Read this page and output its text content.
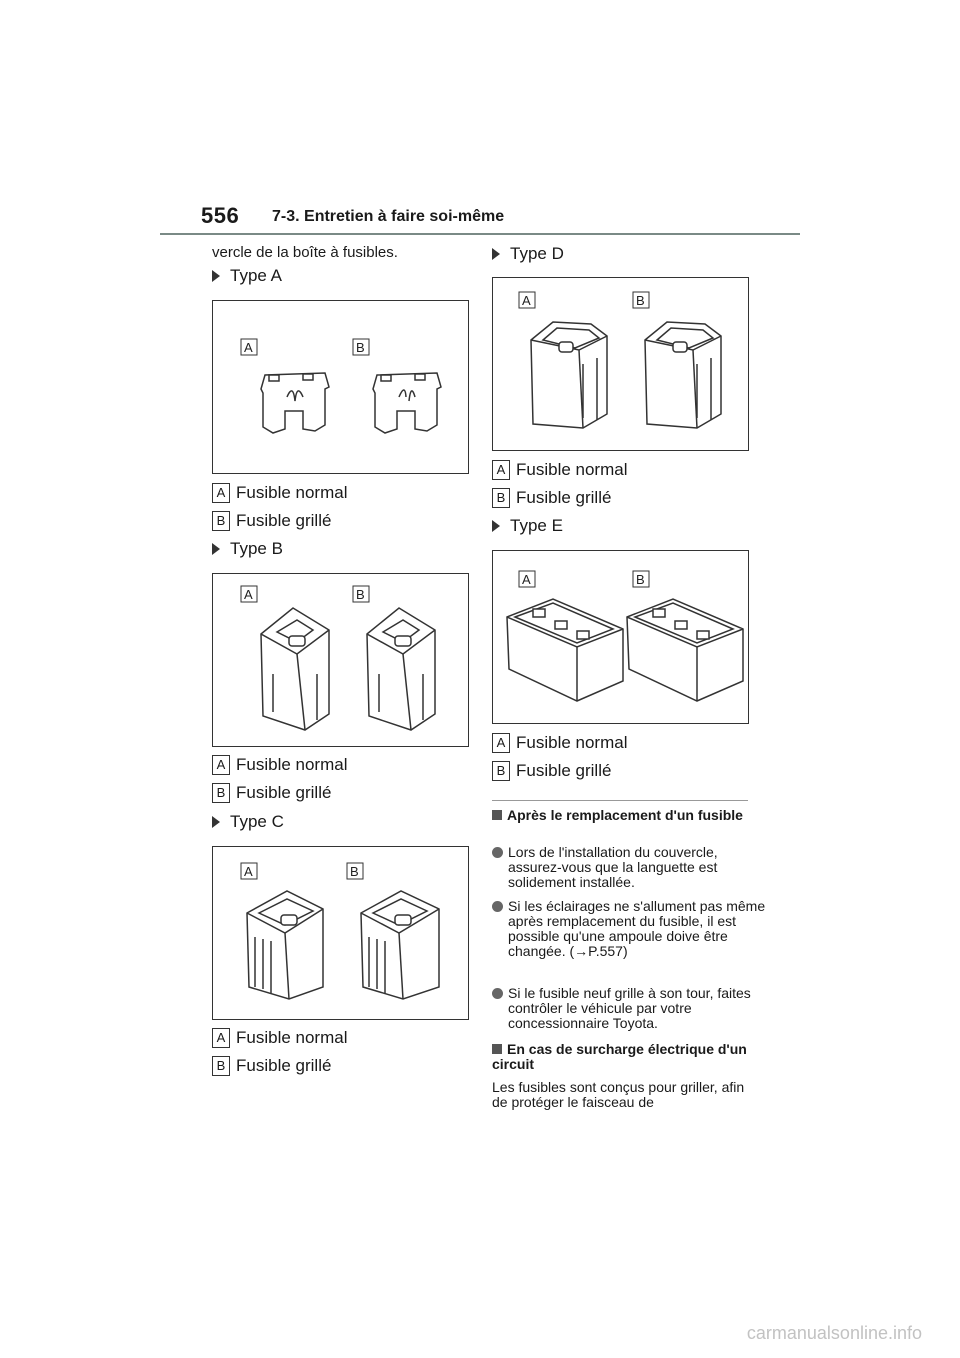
556 7-3. Entretien à faire soi-même
vercle de la boîte à fusibles.
Type A
A	B
A Fusible normal
B Fusible grillé
Type B
A	B
A Fusible normal
B Fusible grillé
Type C
A	B
A Fusible normal
B Fusible grillé
Type D
A	B
A Fusible normal
B Fusible grillé
Type E
A	B
A Fusible normal
B Fusible grillé
Après le remplacement d'un fusible
Lors de l'installation du couvercle, assurez-vous que la languette est solidement installée.
Si les éclairages ne s'allument pas même après remplacement du fusible, il est possible qu'une ampoule doive être changée. (→P.557)
Si le fusible neuf grille à son tour, faites contrôler le véhicule par votre concessionnaire Toyota.
En cas de surcharge électrique d'un circuit
Les fusibles sont conçus pour griller, afin de protéger le faisceau de
carmanualsonline.info
